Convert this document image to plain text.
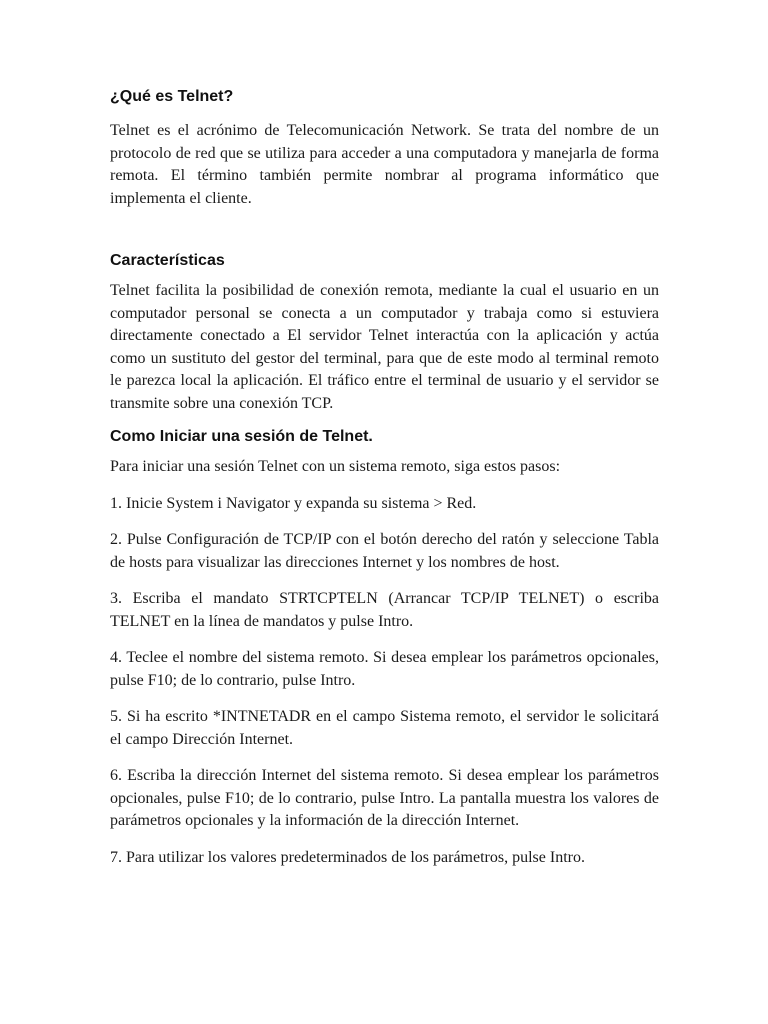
¿Qué es Telnet?

Telnet es el acrónimo de Telecomunicación Network. Se trata del nombre de un protocolo de red que se utiliza para acceder a una computadora y manejarla de forma remota. El término también permite nombrar al programa informático que implementa el cliente.

Características

Telnet facilita la posibilidad de conexión remota, mediante la cual el usuario en un computador personal se conecta a un computador y trabaja como si estuviera directamente conectado a El servidor Telnet interactúa con la aplicación y actúa como un sustituto del gestor del terminal, para que de este modo al terminal remoto le parezca local la aplicación. El tráfico entre el terminal de usuario y el servidor se transmite sobre una conexión TCP.

Como Iniciar una sesión de Telnet.

Para iniciar una sesión Telnet con un sistema remoto, siga estos pasos:

1. Inicie System i Navigator y expanda su sistema > Red.

2. Pulse Configuración de TCP/IP con el botón derecho del ratón y seleccione Tabla de hosts para visualizar las direcciones Internet y los nombres de host.

3. Escriba el mandato STRTCPTELN (Arrancar TCP/IP TELNET) o escriba TELNET en la línea de mandatos y pulse Intro.

4. Teclee el nombre del sistema remoto. Si desea emplear los parámetros opcionales, pulse F10; de lo contrario, pulse Intro.

5. Si ha escrito *INTNETADR en el campo Sistema remoto, el servidor le solicitará el campo Dirección Internet.

6. Escriba la dirección Internet del sistema remoto. Si desea emplear los parámetros opcionales, pulse F10; de lo contrario, pulse Intro. La pantalla muestra los valores de parámetros opcionales y la información de la dirección Internet.

7. Para utilizar los valores predeterminados de los parámetros, pulse Intro.
